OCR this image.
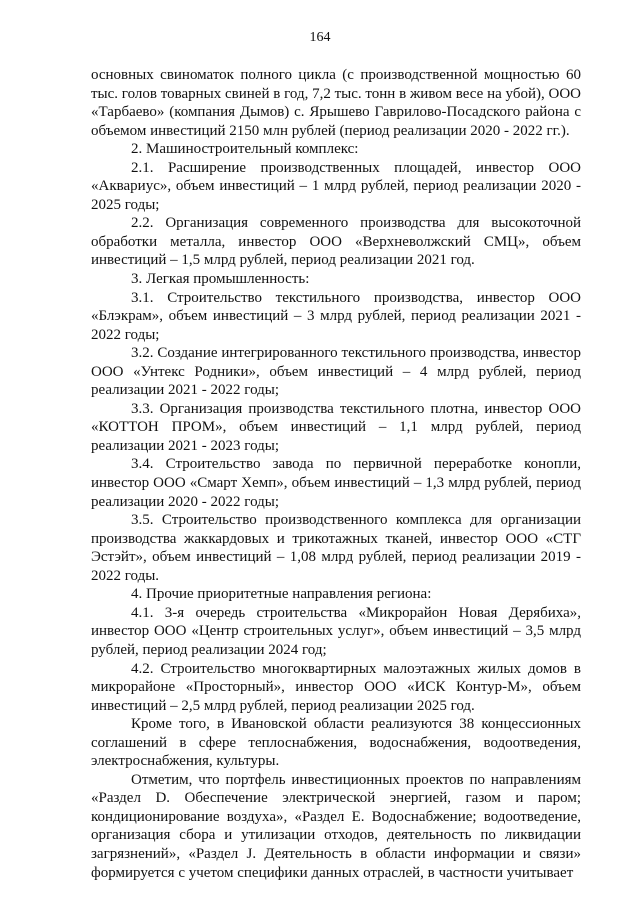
164

основных свиноматок полного цикла (с производственной мощностью 60 тыс. голов товарных свиней в год, 7,2 тыс. тонн в живом весе на убой), ООО «Тарбаево» (компания Дымов) с. Ярышево Гаврилово-Посадского района с объемом инвестиций 2150 млн рублей (период реализации 2020 - 2022 гг.).

2. Машиностроительный комплекс:

2.1. Расширение производственных площадей, инвестор ООО «Аквариус», объем инвестиций – 1 млрд рублей, период реализации 2020 - 2025 годы;

2.2. Организация современного производства для высокоточной обработки металла, инвестор ООО «Верхневолжский СМЦ», объем инвестиций – 1,5 млрд рублей, период реализации 2021 год.

3. Легкая промышленность:

3.1. Строительство текстильного производства, инвестор ООО «Блэкрам», объем инвестиций – 3 млрд рублей, период реализации 2021 - 2022 годы;

3.2. Создание интегрированного текстильного производства, инвестор ООО «Унтекс Родники», объем инвестиций – 4 млрд рублей, период реализации 2021 - 2022 годы;

3.3. Организация производства текстильного плотна, инвестор ООО «КОТТОН ПРОМ», объем инвестиций – 1,1 млрд рублей, период реализации 2021 - 2023 годы;

3.4. Строительство завода по первичной переработке конопли, инвестор ООО «Смарт Хемп», объем инвестиций – 1,3 млрд рублей, период реализации 2020 - 2022 годы;

3.5. Строительство производственного комплекса для организации производства жаккардовых и трикотажных тканей, инвестор ООО «СТГ Эстэйт», объем инвестиций – 1,08 млрд рублей, период реализации 2019 - 2022 годы.

4. Прочие приоритетные направления региона:

4.1. 3-я очередь строительства «Микрорайон Новая Дерябиха», инвестор ООО «Центр строительных услуг», объем инвестиций – 3,5 млрд рублей, период реализации 2024 год;

4.2. Строительство многоквартирных малоэтажных жилых домов в микрорайоне «Просторный», инвестор ООО «ИСК Контур-М», объем инвестиций – 2,5 млрд рублей, период реализации 2025 год.

Кроме того, в Ивановской области реализуются 38 концессионных соглашений в сфере теплоснабжения, водоснабжения, водоотведения, электроснабжения, культуры.

Отметим, что портфель инвестиционных проектов по направлениям «Раздел D. Обеспечение электрической энергией, газом и паром; кондиционирование воздуха», «Раздел Е. Водоснабжение; водоотведение, организация сбора и утилизации отходов, деятельность по ликвидации загрязнений», «Раздел J. Деятельность в области информации и связи» формируется с учетом специфики данных отраслей, в частности учитывает
